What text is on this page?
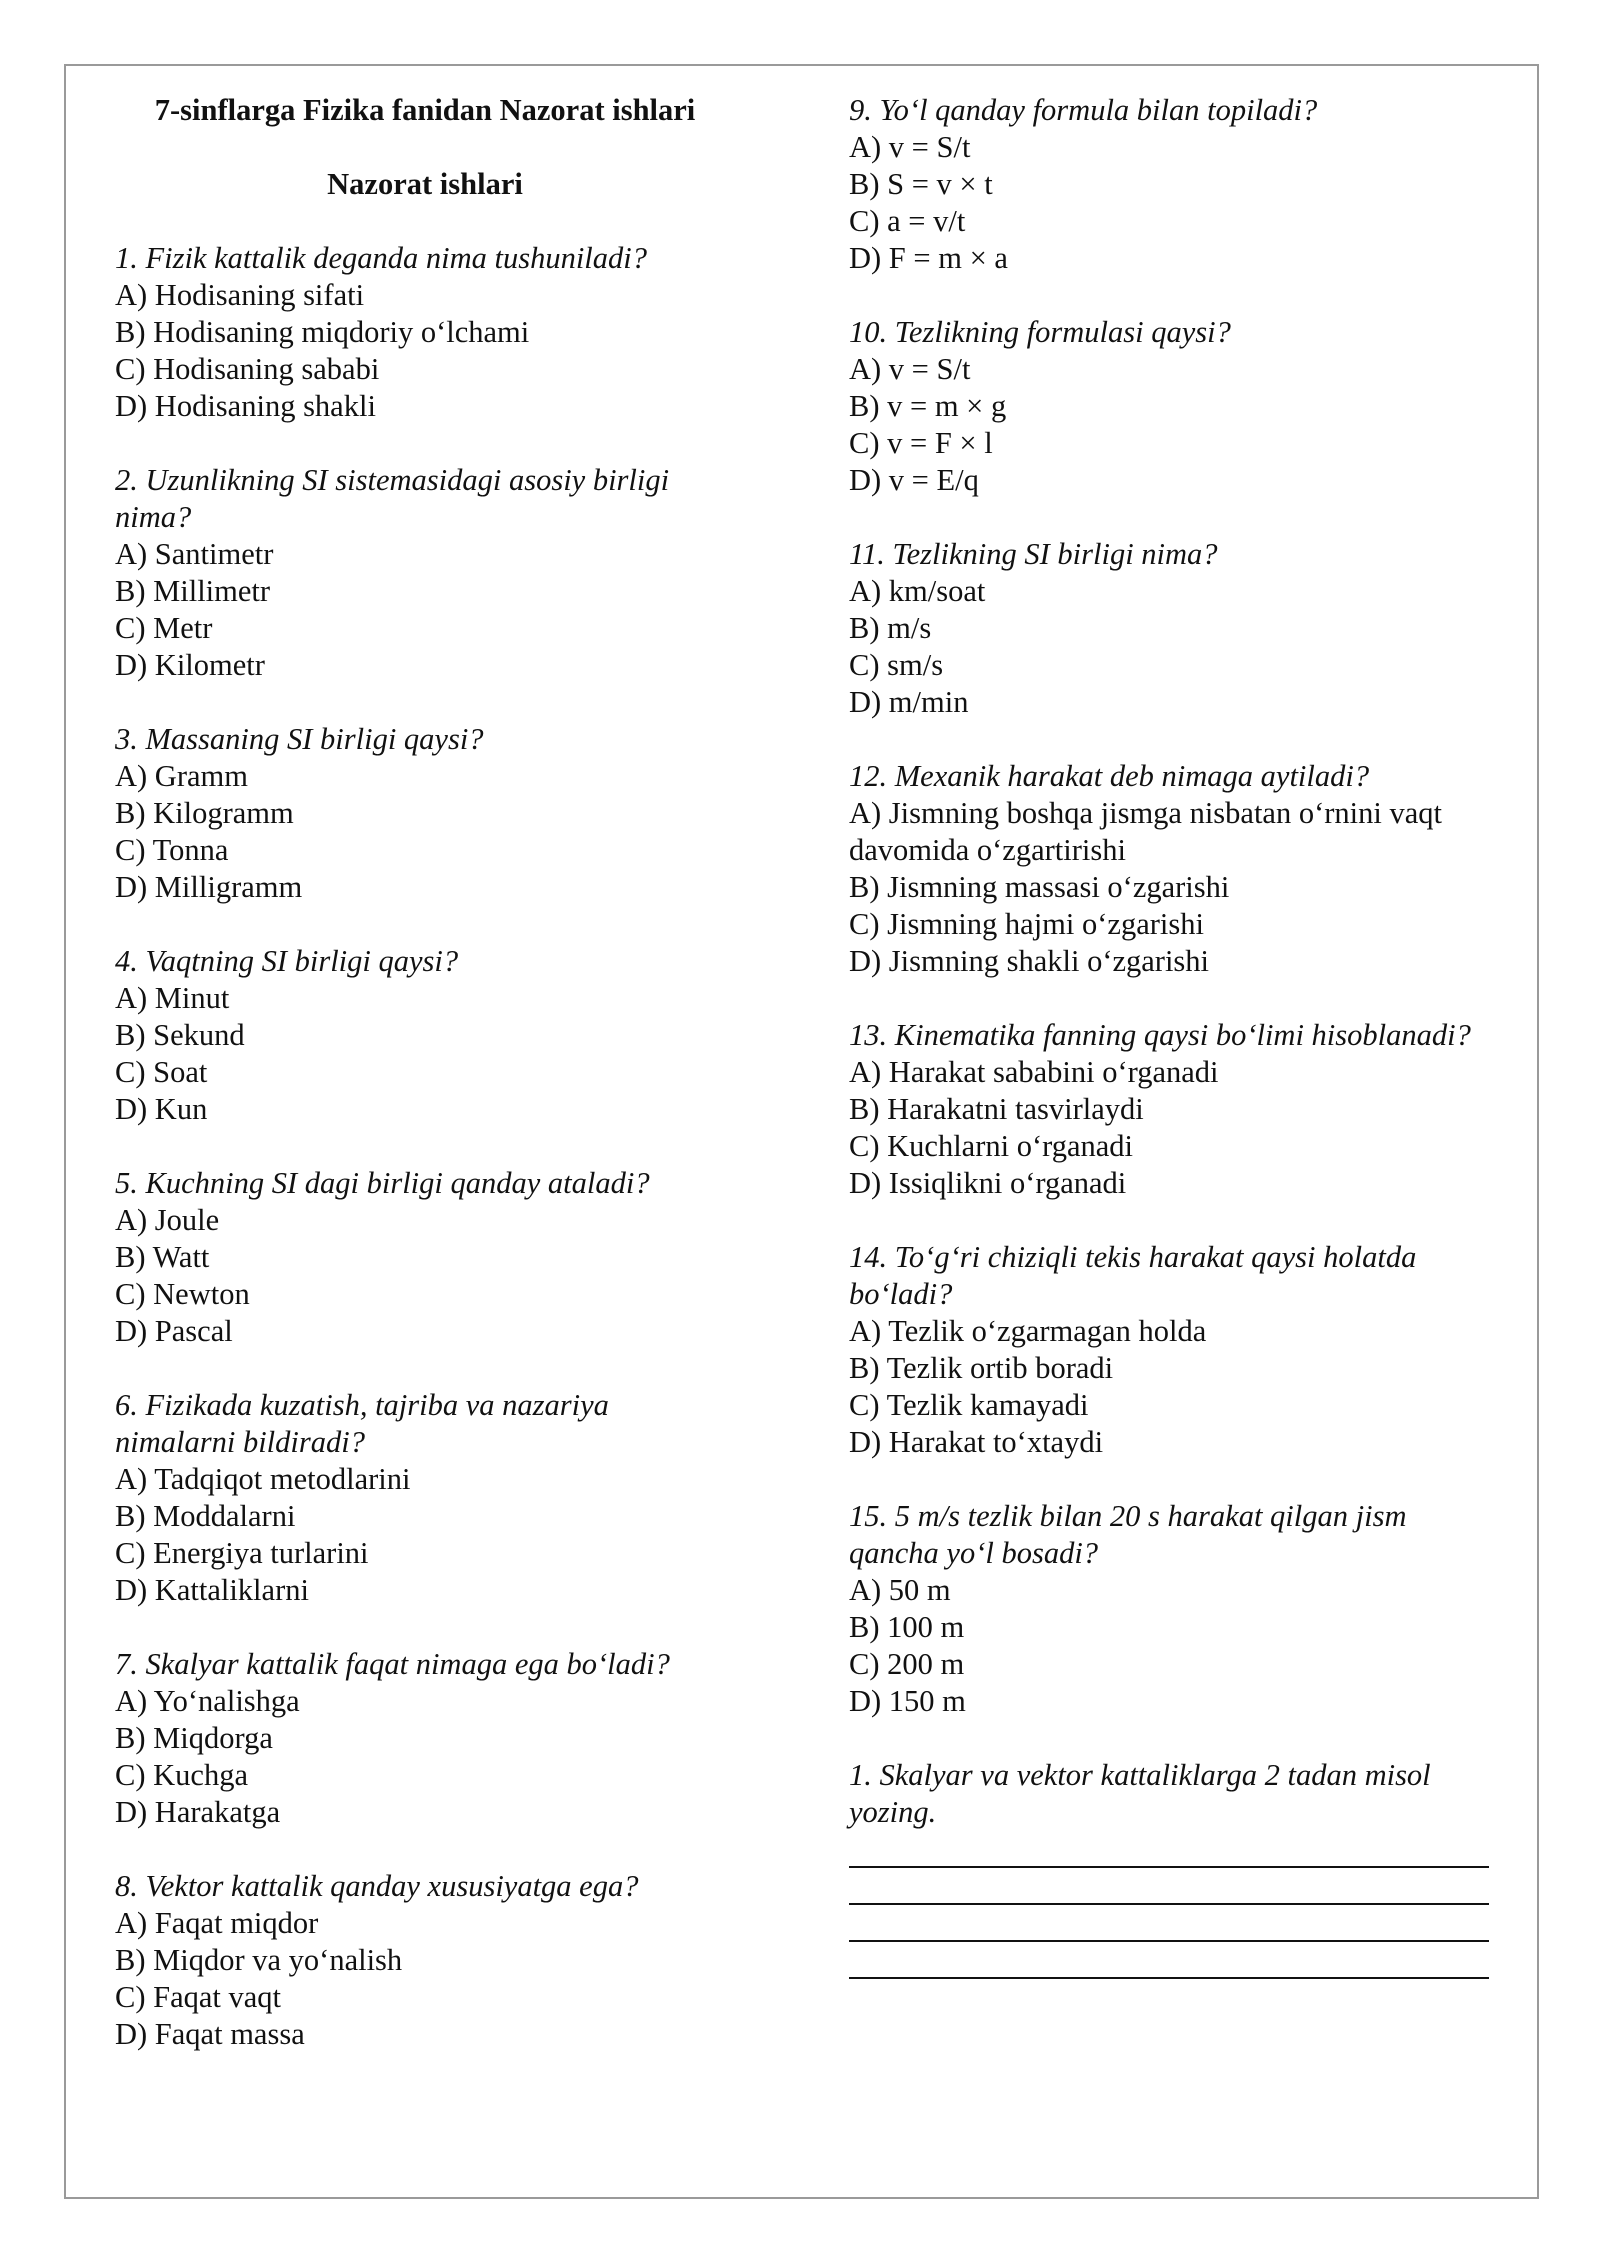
7-sinflarga Fizika fanidan Nazorat ishlari

Nazorat ishlari

1. Fizik kattalik deganda nima tushuniladi?
A) Hodisaning sifati
B) Hodisaning miqdoriy o‘lchami
C) Hodisaning sababi
D) Hodisaning shakli
2. Uzunlikning SI sistemasidagi asosiy birligi nima?
A) Santimetr
B) Millimetr
C) Metr
D) Kilometr
3. Massaning SI birligi qaysi?
A) Gramm
B) Kilogramm
C) Tonna
D) Milligramm
4. Vaqtning SI birligi qaysi?
A) Minut
B) Sekund
C) Soat
D) Kun
5. Kuchning SI dagi birligi qanday ataladi?
A) Joule
B) Watt
C) Newton
D) Pascal
6. Fizikada kuzatish, tajriba va nazariya nimalarni bildiradi?
A) Tadqiqot metodlarini
B) Moddalarni
C) Energiya turlarini
D) Kattaliklarni
7. Skalyar kattalik faqat nimaga ega bo‘ladi?
A) Yo‘nalishga
B) Miqdorga
C) Kuchga
D) Harakatga
8. Vektor kattalik qanday xususiyatga ega?
A) Faqat miqdor
B) Miqdor va yo‘nalish
C) Faqat vaqt
D) Faqat massa
9. Yo‘l qanday formula bilan topiladi?
A) v = S/t
B) S = v × t
C) a = v/t
D) F = m × a
10. Tezlikning formulasi qaysi?
A) v = S/t
B) v = m × g
C) v = F × l
D) v = E/q
11. Tezlikning SI birligi nima?
A) km/soat
B) m/s
C) sm/s
D) m/min
12. Mexanik harakat deb nimaga aytiladi?
A) Jismning boshqa jismga nisbatan o‘rnini vaqt davomida o‘zgartirishi
B) Jismning massasi o‘zgarishi
C) Jismning hajmi o‘zgarishi
D) Jismning shakli o‘zgarishi
13. Kinematika fanning qaysi bo‘limi hisoblanadi?
A) Harakat sababini o‘rganadi
B) Harakatni tasvirlaydi
C) Kuchlarni o‘rganadi
D) Issiqlikni o‘rganadi
14. To‘g‘ri chiziqli tekis harakat qaysi holatda bo‘ladi?
A) Tezlik o‘zgarmagan holda
B) Tezlik ortib boradi
C) Tezlik kamayadi
D) Harakat to‘xtaydi
15. 5 m/s tezlik bilan 20 s harakat qilgan jism qancha yo‘l bosadi?
A) 50 m
B) 100 m
C) 200 m
D) 150 m
1. Skalyar va vektor kattaliklarga 2 tadan misol yozing.
